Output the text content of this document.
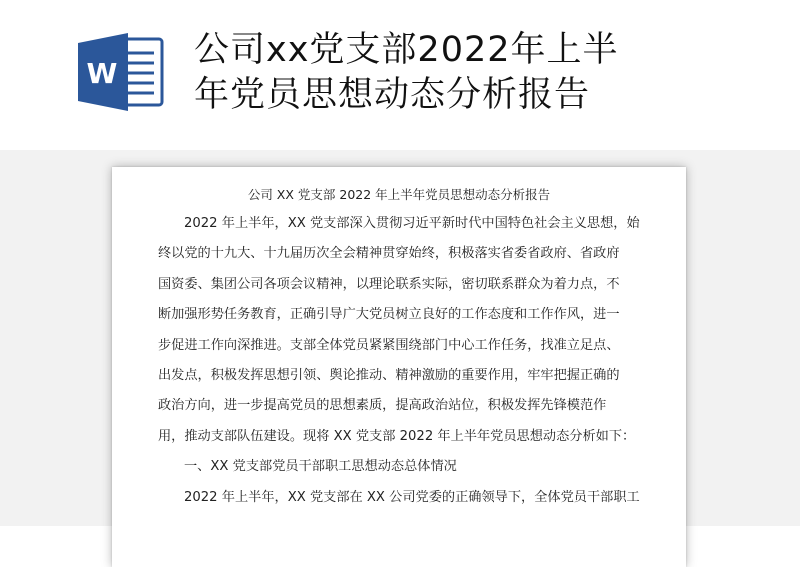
W
公司xx党支部2022年上半
年党员思想动态分析报告
公司 XX 党支部 2022 年上半年党员思想动态分析报告

2022 年上半年，XX 党支部深入贯彻习近平新时代中国特色社会主义思想，始

终以党的十九大、十九届历次全会精神贯穿始终，积极落实省委省政府、省政府

国资委、集团公司各项会议精神，以理论联系实际，密切联系群众为着力点，不

断加强形势任务教育，正确引导广大党员树立良好的工作态度和工作作风，进一

步促进工作向深推进。支部全体党员紧紧围绕部门中心工作任务，找准立足点、

出发点，积极发挥思想引领、舆论推动、精神激励的重要作用，牢牢把握正确的

政治方向，进一步提高党员的思想素质，提高政治站位，积极发挥先锋模范作

用，推动支部队伍建设。现将 XX 党支部 2022 年上半年党员思想动态分析如下：

一、XX 党支部党员干部职工思想动态总体情况

2022 年上半年，XX 党支部在 XX 公司党委的正确领导下，全体党员干部职工
